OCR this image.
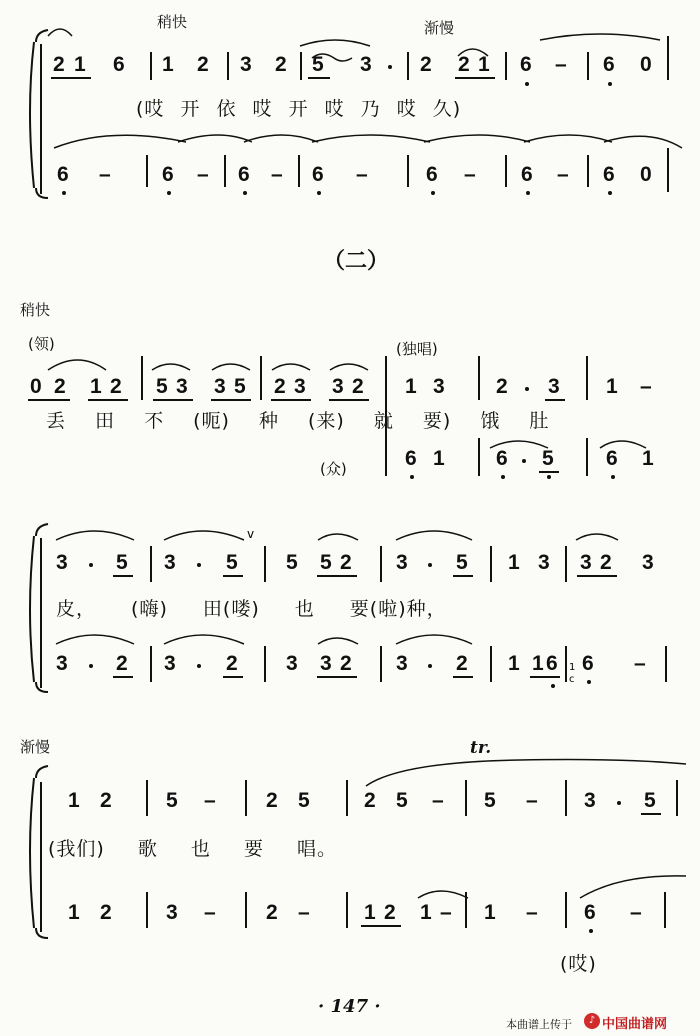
稍快	渐慢
2 1 6 1 2 3 2 5 3 2 2 1 6 – 6 0
(哎 开 依 哎 开 哎 乃 哎 久)
6 – 6 – 6 – 6 –	6 – 6 – 6 0
（二）
稍快
(领)	(独唱)
(众)
0 2 1 2 5 3 3 5 2 3 3 2 1 3 2 3 1 –
丢 田 不 (呃) 种 (来) 就 要) 饿 肚
6 1 6 5 6 1
v
1
c
3 5 3 5 5 5 2 3 5 1 3 3 2 3
皮， (嗨) 田(喽) 也 要(啦)种，
3 2 3 2 3 3 2 3 2 1 1 6 6 –
渐慢	tr.
1 2	5 – 2 5	2 5 – 5 – 3 5
(我们) 歌 也 要 唱。
1 2	3 – 2 –	1 2 1 – 1 – 6 –
(哎)
· 147 ·
本曲谱上传于	♪ 中国曲谱网
